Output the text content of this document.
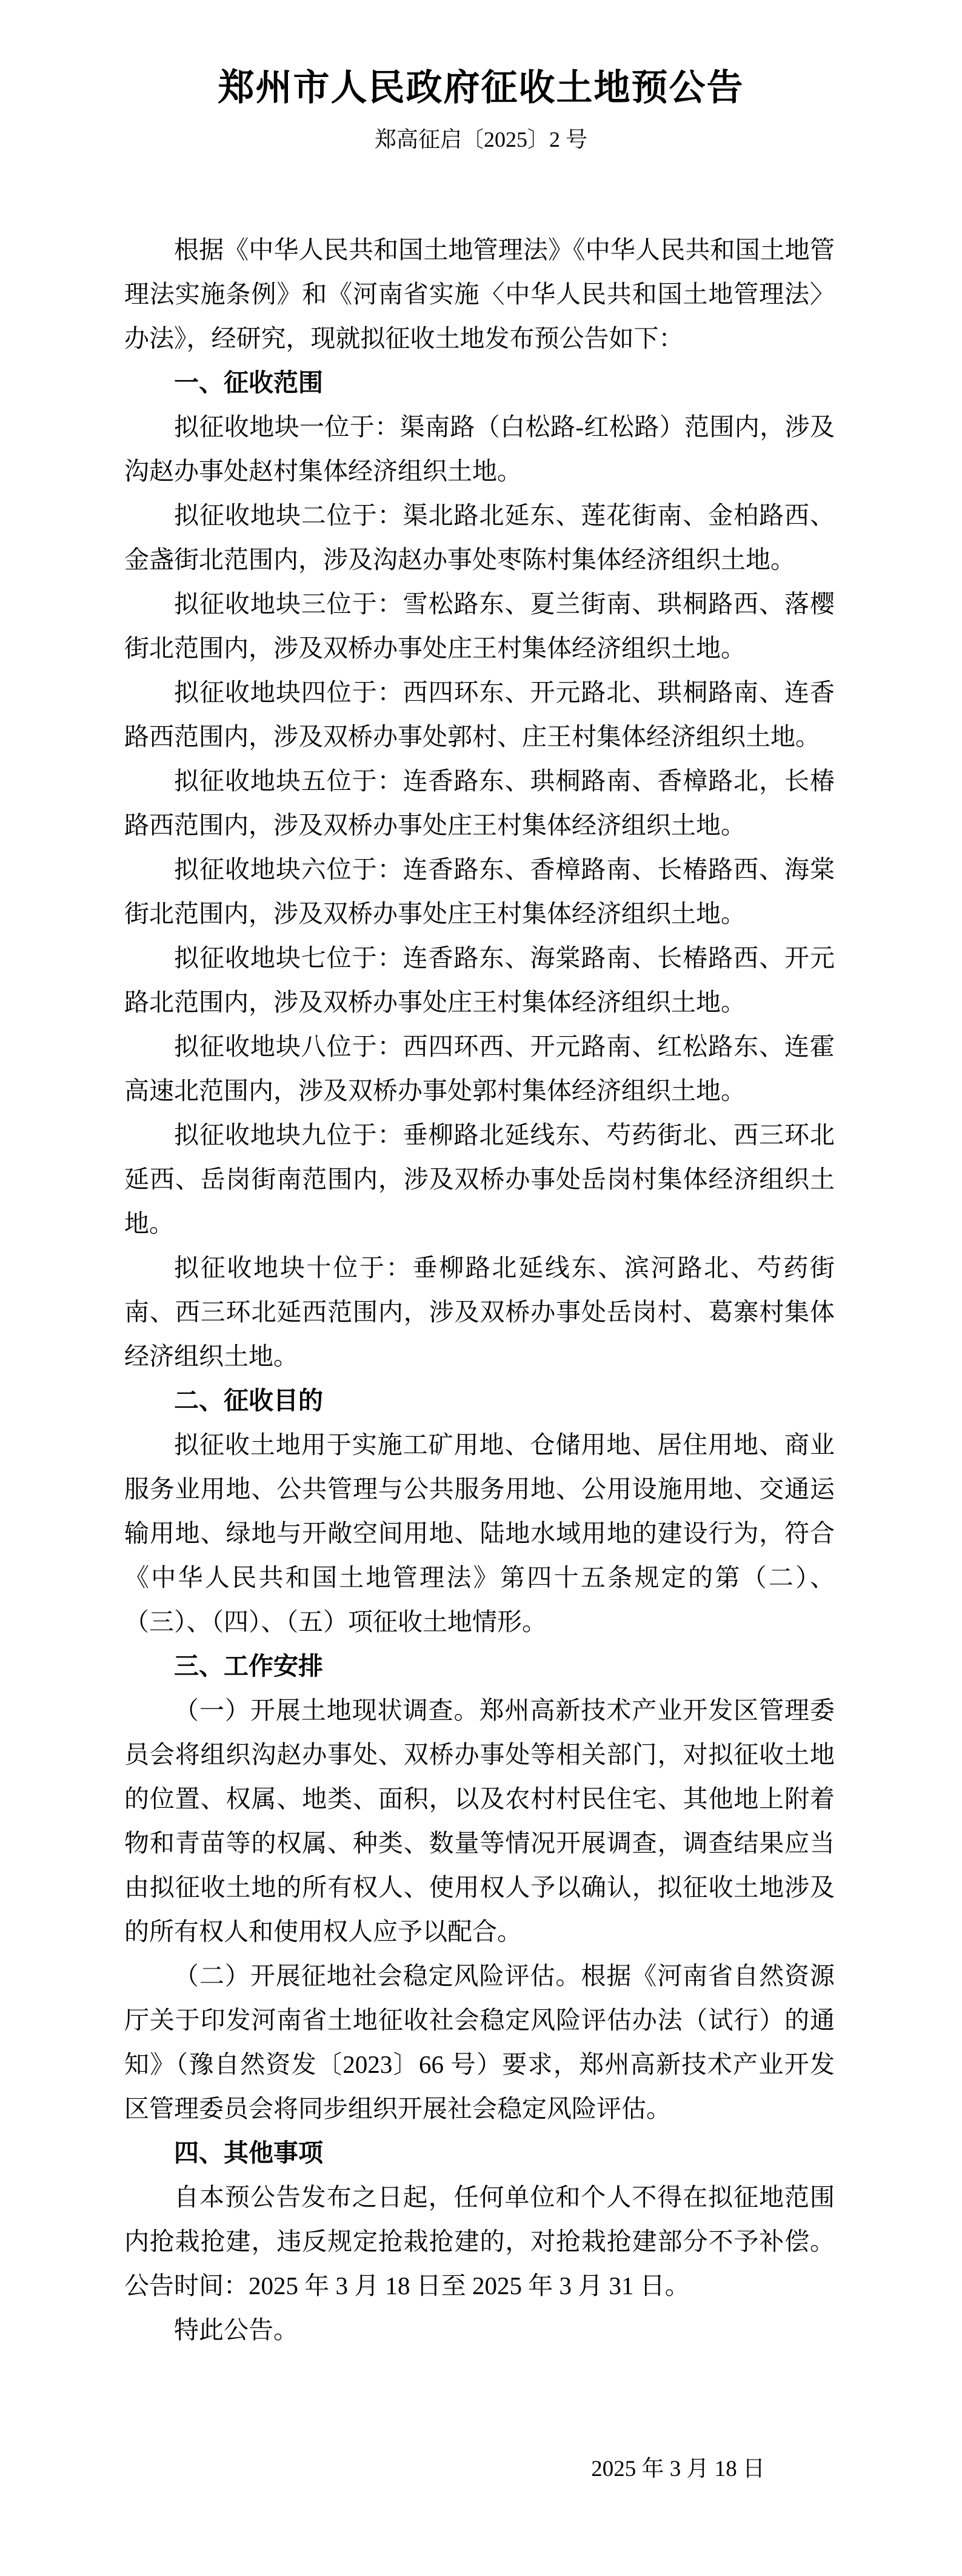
郑州市人民政府征收土地预公告
郑高征启〔2025〕2 号

根据《中华人民共和国土地管理法》《中华人民共和国土地管理法实施条例》和《河南省实施〈中华人民共和国土地管理法〉办法》，经研究，现就拟征收土地发布预公告如下：

一、征收范围

拟征收地块一位于：渠南路（白松路-红松路）范围内，涉及沟赵办事处赵村集体经济组织土地。

拟征收地块二位于：渠北路北延东、莲花街南、金柏路西、金盏街北范围内，涉及沟赵办事处枣陈村集体经济组织土地。

拟征收地块三位于：雪松路东、夏兰街南、珙桐路西、落樱街北范围内，涉及双桥办事处庄王村集体经济组织土地。

拟征收地块四位于：西四环东、开元路北、珙桐路南、连香路西范围内，涉及双桥办事处郭村、庄王村集体经济组织土地。

拟征收地块五位于：连香路东、珙桐路南、香樟路北，长椿路西范围内，涉及双桥办事处庄王村集体经济组织土地。

拟征收地块六位于：连香路东、香樟路南、长椿路西、海棠街北范围内，涉及双桥办事处庄王村集体经济组织土地。

拟征收地块七位于：连香路东、海棠路南、长椿路西、开元路北范围内，涉及双桥办事处庄王村集体经济组织土地。

拟征收地块八位于：西四环西、开元路南、红松路东、连霍高速北范围内，涉及双桥办事处郭村集体经济组织土地。

拟征收地块九位于：垂柳路北延线东、芍药街北、西三环北延西、岳岗街南范围内，涉及双桥办事处岳岗村集体经济组织土地。

拟征收地块十位于：垂柳路北延线东、滨河路北、芍药街南、西三环北延西范围内，涉及双桥办事处岳岗村、葛寨村集体经济组织土地。

二、征收目的

拟征收土地用于实施工矿用地、仓储用地、居住用地、商业服务业用地、公共管理与公共服务用地、公用设施用地、交通运输用地、绿地与开敞空间用地、陆地水域用地的建设行为，符合《中华人民共和国土地管理法》第四十五条规定的第（二）、（三）、（四）、（五）项征收土地情形。

三、工作安排

（一）开展土地现状调查。郑州高新技术产业开发区管理委员会将组织沟赵办事处、双桥办事处等相关部门，对拟征收土地的位置、权属、地类、面积，以及农村村民住宅、其他地上附着物和青苗等的权属、种类、数量等情况开展调查，调查结果应当由拟征收土地的所有权人、使用权人予以确认，拟征收土地涉及的所有权人和使用权人应予以配合。

（二）开展征地社会稳定风险评估。根据《河南省自然资源厅关于印发河南省土地征收社会稳定风险评估办法（试行）的通知》（豫自然资发〔2023〕66 号）要求，郑州高新技术产业开发区管理委员会将同步组织开展社会稳定风险评估。

四、其他事项

自本预公告发布之日起，任何单位和个人不得在拟征地范围内抢栽抢建，违反规定抢栽抢建的，对抢栽抢建部分不予补偿。公告时间：2025 年 3 月 18 日至 2025 年 3 月 31 日。

特此公告。

2025 年 3 月 18 日
